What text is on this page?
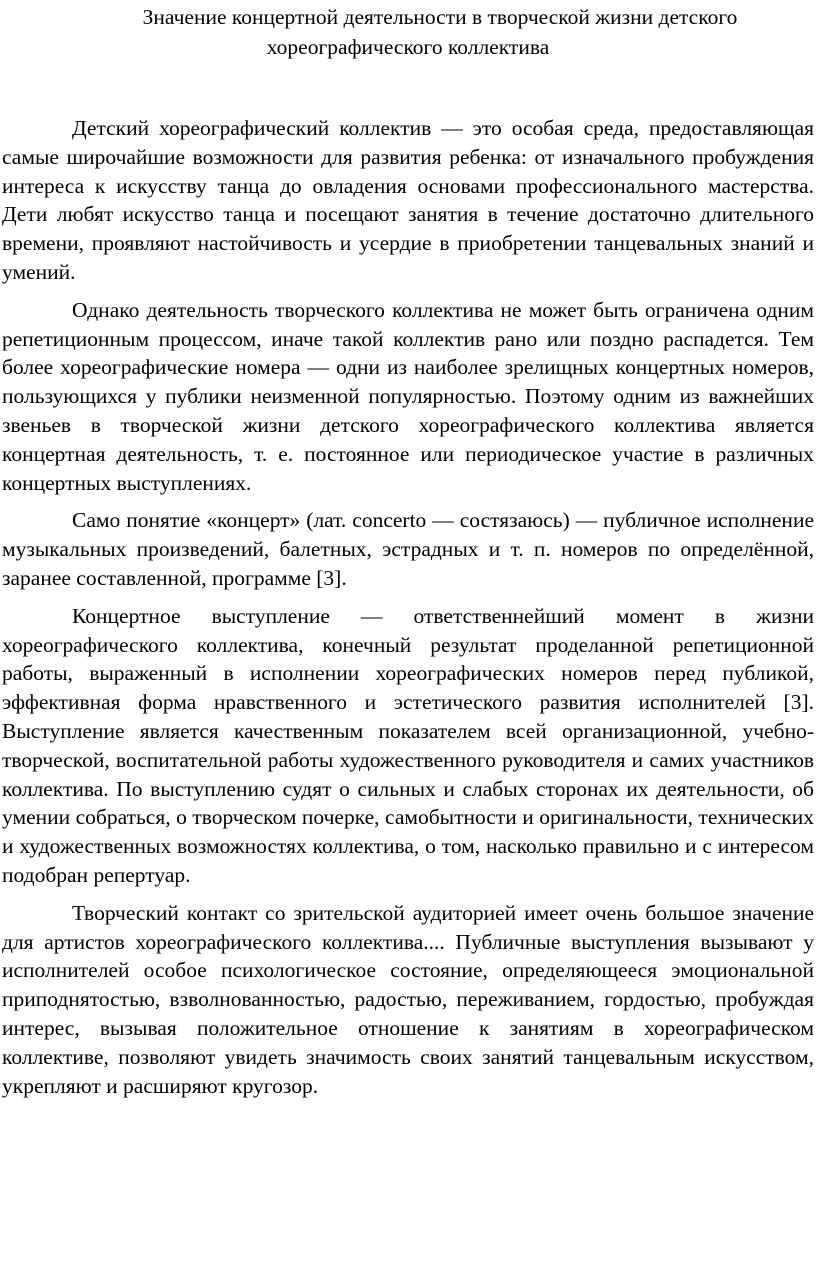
Значение концертной деятельности в творческой жизни детского
хореографического коллектива

Детский хореографический коллектив — это особая среда, предоставляющая самые широчайшие возможности для развития ребенка: от изначального пробуждения интереса к искусству танца до овладения основами профессионального мастерства. Дети любят искусство танца и посещают занятия в течение достаточно длительного времени, проявляют настойчивость и усердие в приобретении танцевальных знаний и умений.

Однако деятельность творческого коллектива не может быть ограничена одним репетиционным процессом, иначе такой коллектив рано или поздно распадется. Тем более хореографические номера — одни из наиболее зрелищных концертных номеров, пользующихся у публики неизменной популярностью. Поэтому одним из важнейших звеньев в творческой жизни детского хореографического коллектива является концертная деятельность, т. е. постоянное или периодическое участие в различных концертных выступлениях.

Само понятие «концерт» (лат. concerto — состязаюсь) — публичное исполнение музыкальных произведений, балетных, эстрадных и т. п. номеров по определённой, заранее составленной, программе [3].

Концертное выступление — ответственнейший момент в жизни хореографического коллектива, конечный результат проделанной репетиционной работы, выраженный в исполнении хореографических номеров перед публикой, эффективная форма нравственного и эстетического развития исполнителей [3]. Выступление является качественным показателем всей организационной, учебно-творческой, воспитательной работы художественного руководителя и самих участников коллектива. По выступлению судят о сильных и слабых сторонах их деятельности, об умении собраться, о творческом почерке, самобытности и оригинальности, технических и художественных возможностях коллектива, о том, насколько правильно и с интересом подобран репертуар.

Творческий контакт со зрительской аудиторией имеет очень большое значение для артистов хореографического коллектива.... Публичные выступления вызывают у исполнителей особое психологическое состояние, определяющееся эмоциональной приподнятостью, взволнованностью, радостью, переживанием, гордостью, пробуждая интерес, вызывая положительное отношение к занятиям в хореографическом коллективе, позволяют увидеть значимость своих занятий танцевальным искусством, укрепляют и расширяют кругозор.
